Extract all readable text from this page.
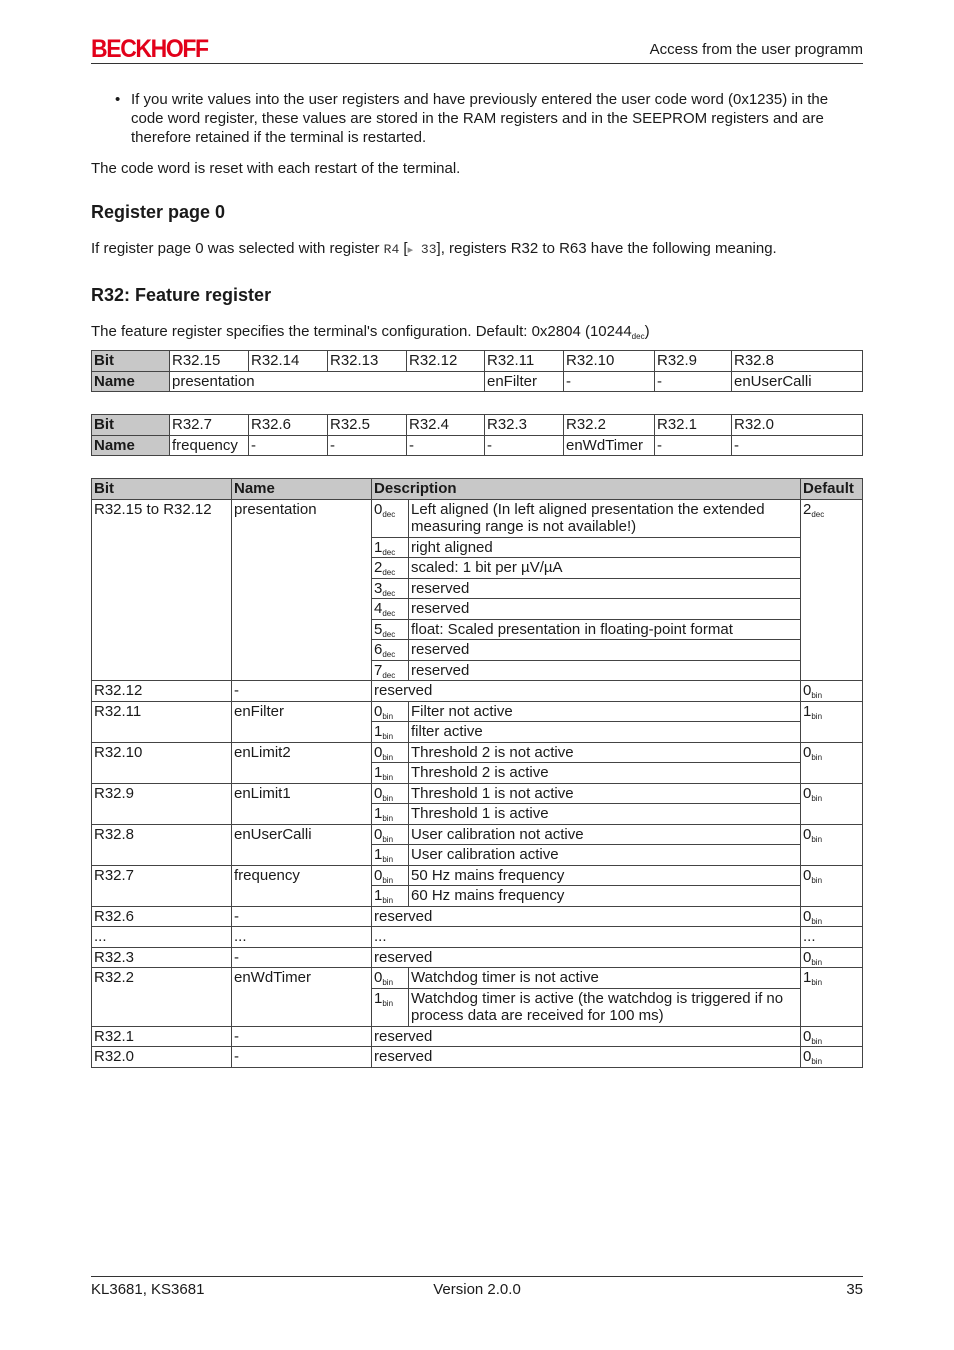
BECKHOFF	Access from the user programm
• If you write values into the user registers and have previously entered the user code word (0x1235) in the code word register, these values are stored in the RAM registers and in the SEEPROM registers and are therefore retained if the terminal is restarted.

The code word is reset with each restart of the terminal.

Register page 0

If register page 0 was selected with register R4 [▸ 33], registers R32 to R63 have the following meaning.

R32: Feature register

The feature register specifies the terminal's configuration. Default: 0x2804 $(10244_{dec})$

Bit	R32.15	R32.14	R32.13	R32.12	R32.11	R32.10	R32.9	R32.8
Name	presentation				enFilter	-	-	enUserCalli
Bit	R32.7	R32.6	R32.5	R32.4	R32.3	R32.2	R32.1	R32.0
Name	frequency	-	-	-	-	enWdTimer	-	-
Bit	Name	Description		Default
R32.15 to R32.12	presentation	$0_{dec}$	Left aligned (In left aligned presentation the extended measuring range is not available!)	$2_{dec}$
		$1_{dec}$	right aligned	
		$2_{dec}$	scaled: 1 bit per µV/µA	
		$3_{dec}$	reserved	
		$4_{dec}$	reserved	
		$5_{dec}$	float: Scaled presentation in floating-point format	
		$6_{dec}$	reserved	
		$7_{dec}$	reserved	
R32.12	-	reserved		$0_{bin}$
R32.11	enFilter	$0_{bin}$	Filter not active	$1_{bin}$
		$1_{bin}$	filter active	
R32.10	enLimit2	$0_{bin}$	Threshold 2 is not active	$0_{bin}$
		$1_{bin}$	Threshold 2 is active	
R32.9	enLimit1	$0_{bin}$	Threshold 1 is not active	$0_{bin}$
		$1_{bin}$	Threshold 1 is active	
R32.8	enUserCalli	$0_{bin}$	User calibration not active	$0_{bin}$
		$1_{bin}$	User calibration active	
R32.7	frequency	$0_{bin}$	50 Hz mains frequency	$0_{bin}$
		$1_{bin}$	60 Hz mains frequency	
R32.6	-	reserved		$0_{bin}$
...	...	...		...
R32.3	-	reserved		$0_{bin}$
R32.2	enWdTimer	$0_{bin}$	Watchdog timer is not active	$1_{bin}$
		$1_{bin}$	Watchdog timer is active (the watchdog is triggered if no process data are received for 100 ms)	
R32.1	-	reserved		$0_{bin}$
R32.0	-	reserved		$0_{bin}$
KL3681, KS3681	Version 2.0.0	35
